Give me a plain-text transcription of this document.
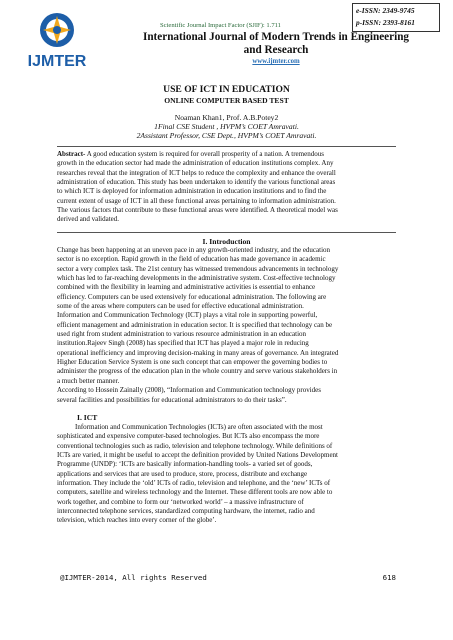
IJMTER
Scientific Journal Impact Factor (SJIF): 1.711
e-ISSN: 2349-9745
p-ISSN: 2393-8161
International Journal of Modern Trends in Engineering
and Research
www.ijmter.com
USE OF ICT IN EDUCATION
ONLINE COMPUTER BASED TEST
Noaman Khan1, Prof. A.B.Potey2
1Final CSE Student , HVPM’s COET Amravati.
2Assistant Professor, CSE Dept., HVPM’s COET Amravati.
Abstract- A good education system is required for overall prosperity of a nation. A tremendous
growth in the education sector had made the administration of education institutions complex. Any
researches reveal that the integration of ICT helps to reduce the complexity and enhance the overall
administration of education. This study has been undertaken to identify the various functional areas
to which ICT is deployed for information administration in education institutions and to find the
current extent of usage of ICT in all these functional areas pertaining to information administration.
The various factors that contribute to these functional areas were identified. A theoretical model was
derived and validated.
I. Introduction
Change has been happening at an uneven pace in any growth-oriented industry, and the education
sector is no exception. Rapid growth in the field of education has made governance in academic
sector a very complex task. The 21st century has witnessed tremendous advancements in technology
which has led to far-reaching developments in the administrative system. Cost-effective technology
combined with the flexibility in learning and administrative activities is essential to enhance
efficiency. Computers can be used extensively for educational administration. The following are
some of the areas where computers can be used for effective educational administration.
Information and Communication Technology (ICT) plays a vital role in supporting powerful,
efficient management and administration in education sector. It is specified that technology can be
used right from student administration to various resource administration in an education
institution.Rajeev Singh (2008) has specified that ICT has played a major role in reducing
operational inefficiency and improving decision-making in many areas of governance. An integrated
Higher Education Service System is one such concept that can empower the governing bodies to
administer the progress of the education plan in the whole country and serve various stakeholders in
a much better manner.
According to Hossein Zainally (2008), “Information and Communication technology provides
several facilities and possibilities for educational administrators to do their tasks”.
I. ICT
Information and Communication Technologies (ICTs) are often associated with the most
sophisticated and expensive computer-based technologies. But ICTs also encompass the more
conventional technologies such as radio, television and telephone technology. While definitions of
ICTs are varied, it might be useful to accept the definition provided by United Nations Development
Programme (UNDP): ‘ICTs are basically information-handling tools- a varied set of goods,
applications and services that are used to produce, store, process, distribute and exchange
information. They include the ‘old’ ICTs of radio, television and telephone, and the ‘new’ ICTs of
computers, satellite and wireless technology and the Internet. These different tools are now able to
work together, and combine to form our ‘networked world’ – a massive infrastructure of
interconnected telephone services, standardized computing hardware, the internet, radio and
television, which reaches into every corner of the globe’.
@IJMTER-2014, All rights Reserved	618
